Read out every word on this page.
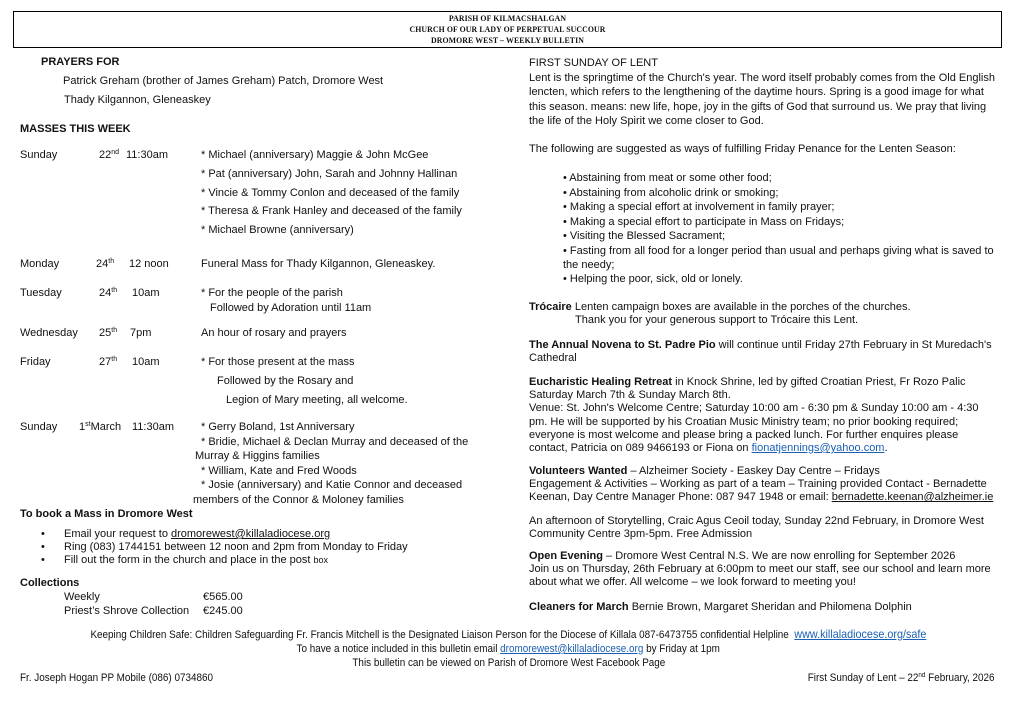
PARISH OF KILMACSHALGAN
CHURCH OF OUR LADY OF PERPETUAL SUCCOUR
DROMORE WEST – WEEKLY BULLETIN
PRAYERS FOR
Patrick Greham (brother of James Greham) Patch, Dromore West
Thady Kilgannon, Gleneaskey
MASSES THIS WEEK
Sunday	22nd 11:30am	* Michael (anniversary) Maggie & John McGee
* Pat (anniversary) John, Sarah and Johnny Hallinan
* Vincie & Tommy Conlon and deceased of the family
* Theresa & Frank Hanley and deceased of the family
* Michael Browne (anniversary)
Monday	24th 12 noon	Funeral Mass for Thady Kilgannon, Gleneaskey.
Tuesday	24th 10am	* For the people of the parish
Followed by Adoration until 11am
Wednesday 25th 7pm	An hour of rosary and prayers
Friday	27th 10am	* For those present at the mass
Followed by the Rosary and
Legion of Mary meeting, all welcome.
Sunday 1stMarch 11:30am * Gerry Boland, 1st Anniversary
* Bridie, Michael & Declan Murray and deceased of the
Murray & Higgins families
* William, Kate and Fred Woods
* Josie (anniversary) and Katie Connor and deceased
members of the Connor & Moloney families
To book a Mass in Dromore West
• Email your request to dromorewest@killaladiocese.org
• Ring (083) 1744151 between 12 noon and 2pm from Monday to Friday
• Fill out the form in the church and place in the post box
Collections
Weekly	€565.00
Priest’s Shrove Collection €245.00

FIRST SUNDAY OF LENT

Lent is the springtime of the Church's year. The word itself probably comes from the Old English lencten, which refers to the lengthening of the daytime hours. Spring is a good image for what this season. means: new life, hope, joy in the gifts of God that surround us. We pray that living the life of the Holy Spirit we come closer to God.

The following are suggested as ways of fulfilling Friday Penance for the Lenten Season:
• Abstaining from meat or some other food;
• Abstaining from alcoholic drink or smoking;
• Making a special effort at involvement in family prayer;
• Making a special effort to participate in Mass on Fridays;
• Visiting the Blessed Sacrament;
• Fasting from all food for a longer period than usual and perhaps giving what is saved to the needy;
• Helping the poor, sick, old or lonely.
Trócaire Lenten campaign boxes are available in the porches of the churches.
Thank you for your generous support to Trócaire this Lent.
The Annual Novena to St. Padre Pio will continue until Friday 27th February in St Muredach's Cathedral
Eucharistic Healing Retreat in Knock Shrine, led by gifted Croatian Priest, Fr Rozo Palic
Saturday March 7th & Sunday March 8th.
Venue: St. John's Welcome Centre; Saturday 10:00 am - 6:30 pm & Sunday 10:00 am - 4:30 pm. He will be supported by his Croatian Music Ministry team; no prior booking required; everyone is most welcome and please bring a packed lunch. For further enquires please contact, Patricia on 089 9466193 or Fiona on fionatjennings@yahoo.com.
Volunteers Wanted – Alzheimer Society - Easkey Day Centre – Fridays
Engagement & Activities – Working as part of a team – Training provided Contact - Bernadette Keenan, Day Centre Manager Phone: 087 947 1948 or email: bernadette.keenan@alzheimer.ie
An afternoon of Storytelling, Craic Agus Ceoil today, Sunday 22nd February, in Dromore West Community Centre 3pm-5pm. Free Admission
Open Evening – Dromore West Central N.S. We are now enrolling for September 2026
Join us on Thursday, 26th February at 6:00pm to meet our staff, see our school and learn more about what we offer. All welcome – we look forward to meeting you!
Cleaners for March Bernie Brown, Margaret Sheridan and Philomena Dolphin
Keeping Children Safe: Children Safeguarding Fr. Francis Mitchell is the Designated Liaison Person for the Diocese of Killala 087-6473755 confidential Helpline www.killaladiocese.org/safe
To have a notice included in this bulletin email dromorewest@killaladiocese.org by Friday at 1pm
This bulletin can be viewed on Parish of Dromore West Facebook Page
Fr. Joseph Hogan PP Mobile (086) 0734860	First Sunday of Lent – 22nd February, 2026
